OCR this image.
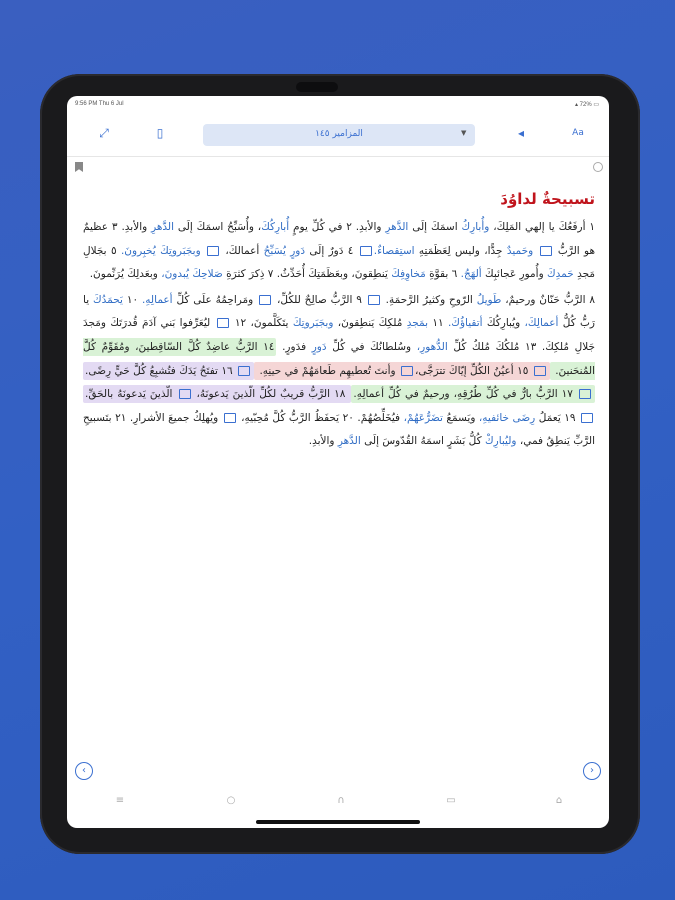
9:56 PM Thu 6 Jul	▴ 72% ▭
⤢	▯	المزامير ١٤٥	▼	◂	Aa
تسبيحةٌ لداوُدَ
١ أرفَعُكَ يا إلهي المَلِكَ، وأُبارِكُ اسمَكَ إلَى الدَّهرِ والأبدِ. ٢ في كُلِّ يومٍ أُبارِكُكَ، وأُسَبِّحُ اسمَكَ إلَى الدَّهرِ والأبدِ. ٣ عظيمٌ هو الرَّبُّ  وحَميدٌ جِدًّا، وليس لِعَظَمَتِهِ استِقصاءٌ. ٤ دَورٌ إلَى دَورٍ يُسَبِّحُ أعمالكَ،  وبجَبَروتِكَ يُخبِرونَ. ٥ بجَلالِ مَجدِ حَمدِكَ وأُمورِ عَجائبِكَ ألهَجُ. ٦ بقوَّةِ مَخاوِفِكَ يَنطِقونَ، وبعَظَمَتِكَ أُحَدِّثُ. ٧ ذِكرَ كثرَةِ صَلاحِكَ يُبدونَ، وبعَدلِكَ يُرَنِّمونَ.
٨ الرَّبُّ حَنّانٌ ورحيمٌ، طَويلُ الرّوحِ وكثيرُ الرَّحمَةِ.  ٩ الرَّبُّ صالِحٌ للكُلِّ،  ومَراحِمُهُ علَى كُلِّ أعمالِهِ. ١٠ يَحمَدُكَ يا رَبُّ كُلُّ أعمالِكَ، ويُبارِكُكَ أتقياؤُكَ. ١١ بمَجدِ مُلكِكَ يَنطِقونَ، وبجَبَروتِكَ يتَكَلَّمونَ، ١٢  ليُعَرِّفوا بَني آدَمَ قُدرَتَكَ ومَجدَ جَلالِ مُلكِكَ. ١٣ مُلكُكَ مُلكُ كُلِّ الدُّهورِ، وسُلطانُكَ في كُلِّ دَورٍ فدَورٍ. ١٤ الرَّبُّ عاضِدٌ كُلَّ السّاقِطينَ، ومُقَوِّمٌ كُلَّ المُنحَنينَ.  ١٥ أعيُنُ الكُلِّ إيّاكَ تترَجَّى، وأنتَ تُعطيهِم طَعامَهُمْ في حينِهِ.  ١٦ تفتَحُ يَدَكَ فتُشبِعُ كُلَّ حَيٍّ رِضًى.  ١٧ الرَّبُّ بارٌّ في كُلِّ طُرُقِهِ، ورحيمٌ في كُلِّ أعمالِهِ. ١٨ الرَّبُّ قريبٌ لكُلِّ الّذينَ يَدعونَهُ،  الّذينَ يَدعونَهُ بالحَقِّ.  ١٩ يَعمَلُ رِضَى خائفيهِ، ويَسمَعُ تضَرُّعَهُمْ، فيُخَلِّصُهُمْ. ٢٠ يَحفَظُ الرَّبُّ كُلَّ مُحِبّيهِ،  ويُهلِكُ جميعَ الأشرارِ. ٢١ بتَسبيحِ الرَّبِّ يَنطِقُ فمي، وليُبارِكْ كُلُّ بَشَرٍ اسمَهُ القُدّوسَ إلَى الدَّهرِ والأبدِ.
‹	›
≡	○	∩	▭	⌂
